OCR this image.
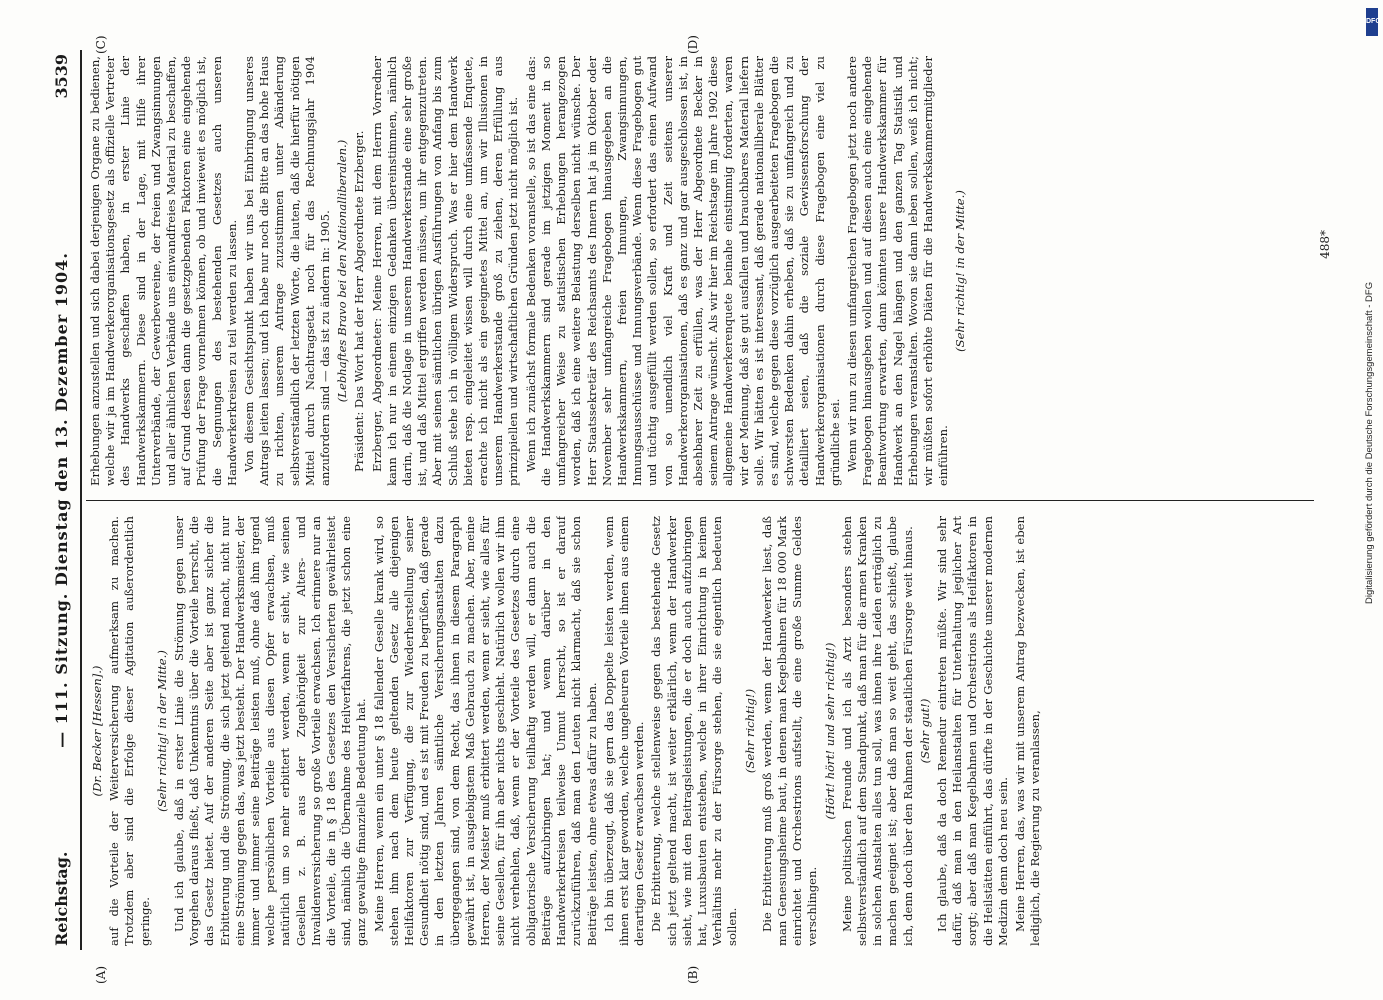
Reichstag.
— 111. Sitzung. Dienstag den 13. Dezember 1904.
3539
(A)	(B)
(C)	(D)

(Dr. Becker [Hessen].) auf die Vorteile der Weiterversicherung aufmerksam zu machen. Trotzdem aber sind die Erfolge dieser Agitation außerordentlich geringe.

(Sehr richtig! in der Mitte.) Und ich glaube, daß in erster Linie die Strömung gegen unser Vorgehen daraus fließt, daß Unkenntnis über die Vorteile herrscht, die das Gesetz bietet. Auf der anderen Seite aber ist ganz sicher die Erbitterung und die Strömung, die sich jetzt geltend macht, nicht nur eine Strömung gegen das, was jetzt besteht. Der Handwerksmeister, der immer und immer seine Beiträge leisten muß, ohne daß ihm irgend welche persönlichen Vorteile aus diesen Opfer erwachsen, muß natürlich um so mehr erbittert werden, wenn er sieht, wie seinen Gesellen z. B. aus der Zugehörigkeit zur Alters- und Invalidenversicherung so große Vorteile erwachsen. Ich erinnere nur an die Vorteile, die in § 18 des Gesetzes den Versicherten gewährleistet sind, nämlich die Übernahme des Heilverfahrens, die jetzt schon eine ganz gewaltige finanzielle Bedeutung hat. Meine Herren, wenn ein unter § 18 fallender Geselle krank wird, so stehen ihm nach dem heute geltenden Gesetz alle diejenigen Heilfaktoren zur Verfügung, die zur Wiederherstellung seiner Gesundheit nötig sind, und es ist mit Freuden zu begrüßen, daß gerade in den letzten Jahren sämtliche Versicherungsanstalten dazu übergegangen sind, von dem Recht, das ihnen in diesem Paragraph gewährt ist, in ausgiebigstem Maß Gebrauch zu machen. Aber, meine Herren, der Meister muß erbittert werden, wenn er sieht, wie alles für seine Gesellen, für ihn aber nichts geschieht. Natürlich wollen wir ihm nicht verhehlen, daß, wenn er der Vorteile des Gesetzes durch eine obligatorische Versicherung teilhaftig werden will, er dann auch die Beiträge aufzubringen hat; und wenn darüber in den Handwerkerkreisen teilweise Unmut herrscht, so ist er darauf zurückzuführen, daß man den Leuten nicht klarmacht, daß sie schon Beiträge leisten, ohne etwas dafür zu haben. Ich bin überzeugt, daß sie gern das Doppelte leisten werden, wenn ihnen erst klar geworden, welche ungeheuren Vorteile ihnen aus einem derartigen Gesetz erwachsen werden. Die Erbitterung, welche stellenweise gegen das bestehende Gesetz sich jetzt geltend macht, ist weiter erklärlich, wenn der Handwerker sieht, wie mit den Beitragsleistungen, die er doch auch aufzubringen hat, Luxusbauten entstehen, welche in ihrer Einrichtung in keinem Verhältnis mehr zu der Fürsorge stehen, die sie eigentlich bedeuten sollen.

(Sehr richtig!) Die Erbitterung muß groß werden, wenn der Handwerker liest, daß man Genesungsheime baut, in denen man Kegelbahnen für 18 000 Mark einrichtet und Orchestrions aufstellt, die eine große Summe Geldes verschlingen.

(Hört! hört! und sehr richtig!) Meine politischen Freunde und ich als Arzt besonders stehen selbstverständlich auf dem Standpunkt, daß man für die armen Kranken in solchen Anstalten alles tun soll, was ihnen ihre Leiden erträglich zu machen geeignet ist; aber daß man so weit geht, das schießt, glaube ich, denn doch über den Rahmen der staatlichen Fürsorge weit hinaus. (Sehr gut!) Ich glaube, daß da doch Remedur eintreten müßte. Wir sind sehr dafür, daß man in den Heilanstalten für Unterhaltung jeglicher Art sorgt; aber daß man Kegelbahnen und Orchestrions als Heilfaktoren in die Heilstätten einführt, das dürfte in der Geschichte unserer modernen Medizin denn doch neu sein. Meine Herren, das, was wir mit unserem Antrag bezwecken, ist eben lediglich, die Regierung zu veranlassen,

Erhebungen anzustellen und sich dabei derjenigen Organe zu bedienen, welche wir ja im Handwerkerorganisationsgesetz als offizielle Vertreter des Handwerks geschaffen haben, in erster Linie der Handwerkskammern. Diese sind in der Lage, mit Hilfe ihrer Unterverbände, der Gewerbevereine, der freien und Zwangsinnungen und aller ähnlichen Verbände uns einwandfreies Material zu beschaffen, auf Grund dessen dann die gesetzgebenden Faktoren eine eingehende Prüfung der Frage vornehmen können, ob und inwieweit es möglich ist, die Segnungen des bestehenden Gesetzes auch unseren Handwerkerkreisen zu teil werden zu lassen. Von diesem Gesichtspunkt haben wir uns bei Einbringung unseres Antrags leiten lassen; und ich habe nur noch die Bitte an das hohe Haus zu richten, unserem Antrage zuzustimmen unter Abänderung selbstverständlich der letzten Worte, die lauten, daß die hierfür nötigen Mittel durch Nachtragsetat noch für das Rechnungsjahr 1904 anzufordern sind — das ist zu ändern in: 1905. (Lebhaftes Bravo bei den Nationalliberalen.) Präsident: Das Wort hat der Herr Abgeordnete Erzberger. Erzberger, Abgeordneter: Meine Herren, mit dem Herrn Vorredner kann ich nur in einem einzigen Gedanken übereinstimmen, nämlich darin, daß die Notlage in unserem Handwerkerstande eine sehr große ist, und daß Mittel ergriffen werden müssen, um ihr entgegenzutreten. Aber mit seinen sämtlichen übrigen Ausführungen von Anfang bis zum Schluß stehe ich in völligem Widerspruch. Was er hier dem Handwerk bieten resp. eingeleitet wissen will durch eine umfassende Enquete, erachte ich nicht als ein geeignetes Mittel an, um wir Illusionen in unserem Handwerkerstande groß zu ziehen, deren Erfüllung aus prinzipiellen und wirtschaftlichen Gründen jetzt nicht möglich ist. Wenn ich zunächst formale Bedenken voranstelle, so ist das eine das: die Handwerkskammern sind gerade im jetzigen Moment in so umfangreicher Weise zu statistischen Erhebungen herangezogen worden, daß ich eine weitere Belastung derselben nicht wünsche. Der Herr Staatssekretär des Reichsamts des Innern hat ja im Oktober oder November sehr umfangreiche Fragebogen hinausgegeben an die Handwerkskammern, freien Innungen, Zwangsinnungen, Innungsausschüsse und Innungsverbände. Wenn diese Fragebogen gut und tüchtig ausgefüllt werden sollen, so erfordert das einen Aufwand von so unendlich viel Kraft und Zeit seitens unserer Handwerkerorganisationen, daß es ganz und gar ausgeschlossen ist, in absehbarer Zeit zu erfüllen, was der Herr Abgeordnete Becker in seinem Antrage wünscht. Als wir hier im Reichstage im Jahre 1902 diese allgemeine Handwerkerenquete beinahe einstimmig forderten, waren wir der Meinung, daß sie gut ausfallen und brauchbares Material liefern solle. Wir hätten es ist interessant, daß gerade nationalliberale Blätter es sind, welche gegen diese vorzüglich ausgearbeiteten Fragebogen die schwersten Bedenken dahin erheben, daß sie zu umfangreich und zu detailliert seien, daß die soziale Gewissensforschung der Handwerkerorganisationen durch diese Fragebogen eine viel zu gründliche sei. Wenn wir nun zu diesen umfangreichen Fragebogen jetzt noch andere Fragebogen hinausgeben wollen und auf diesen auch eine eingehende Beantwortung erwarten, dann könnten unsere Handwerkskammer für Handwerk an den Nagel hängen und den ganzen Tag Statistik und Erhebungen veranstalten. Wovon sie dann leben sollen, weiß ich nicht; wir müßten sofort erhöhte Diäten für die Handwerkskammermitglieder einführen.

(Sehr richtig! in der Mitte.)	488*
DFG
Digitalisierung gefördert durch die Deutsche Forschungsgemeinschaft - DFG
